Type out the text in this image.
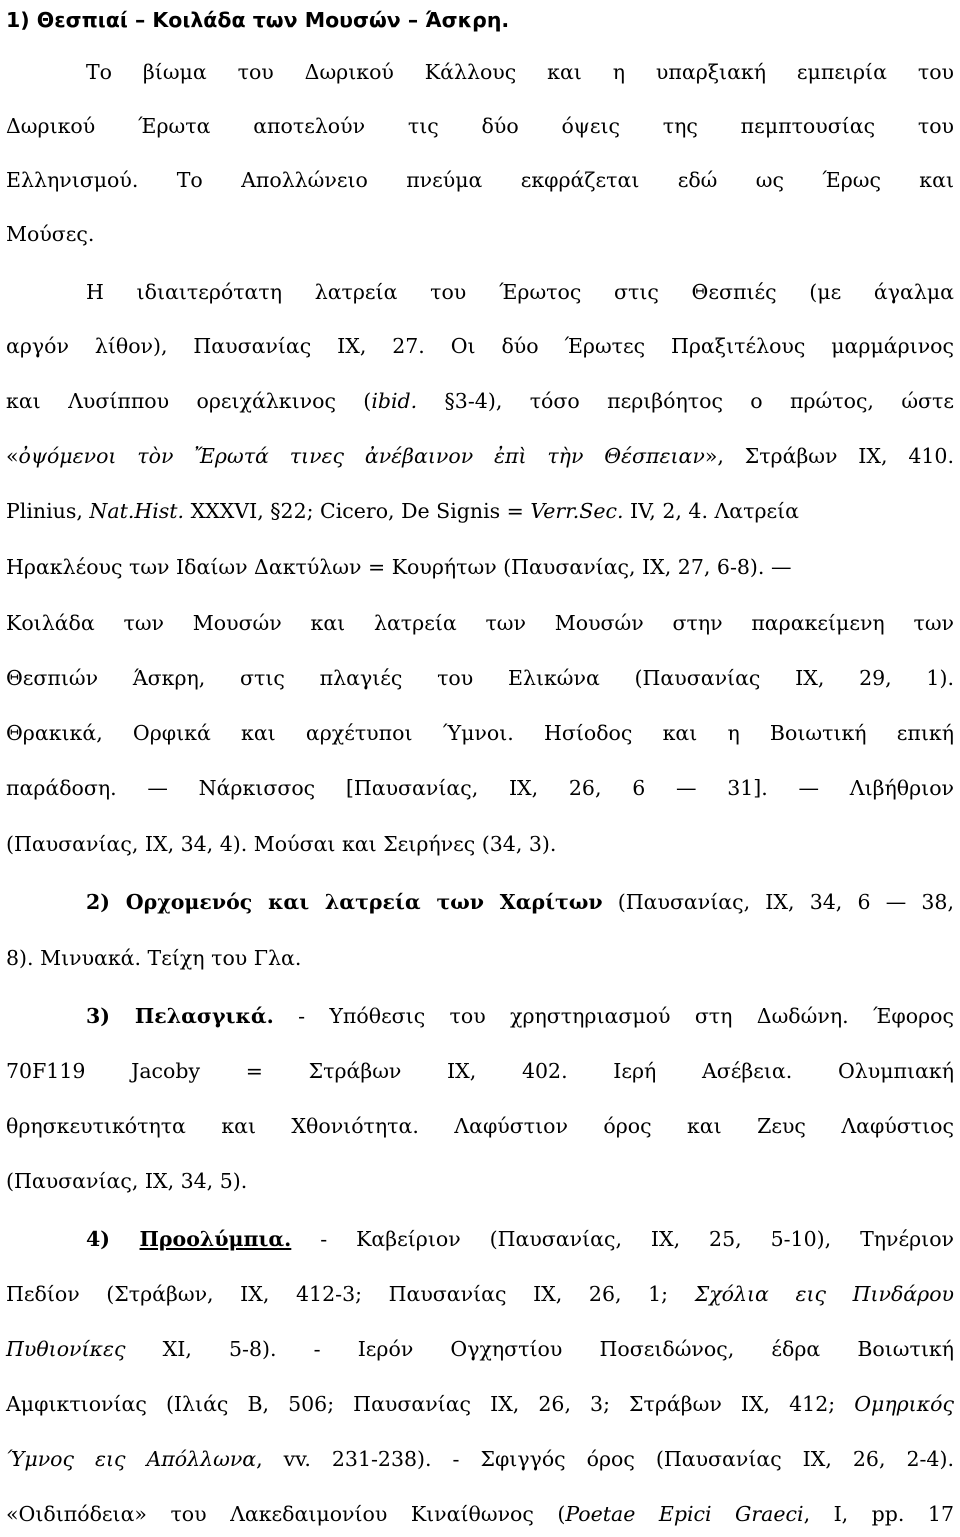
1) Θεσπιαί – Κοιλάδα των Μουσών – Άσκρη.
Το βίωμα του Δωρικού Κάλλους και η υπαρξιακή εμπειρία του
Δωρικού Έρωτα αποτελούν τις δύο όψεις της πεμπτουσίας του
Ελληνισμού. Το Απολλώνειο πνεύμα εκφράζεται εδώ ως Έρως και
Μούσες.
Η ιδιαιτερότατη λατρεία του Έρωτος στις Θεσπιές (με άγαλμα
αργόν λίθον), Παυσανίας IX, 27. Οι δύο Έρωτες Πραξιτέλους μαρμάρινος
και Λυσίππου ορειχάλκινος (ibid. §3-4), τόσο περιβόητος ο πρώτος, ώστε
«ὀψόμενοι τὸν Ἔρωτά τινες ἀνέβαινον ἐπὶ τὴν Θέσπειαν», Στράβων IX, 410.
Plinius, Nat.Hist. XXXVI, §22; Cicero, De Signis = Verr.Sec. IV, 2, 4. Λατρεία
Ηρακλέους των Ιδαίων Δακτύλων = Κουρήτων (Παυσανίας, IX, 27, 6-8). —
Κοιλάδα των Μουσών και λατρεία των Μουσών στην παρακείμενη των
Θεσπιών Άσκρη, στις πλαγιές του Ελικώνα (Παυσανίας IX, 29, 1).
Θρακικά, Ορφικά και αρχέτυποι Ύμνοι. Ησίοδος και η Βοιωτική επική
παράδοση. — Νάρκισσος [Παυσανίας, IX, 26, 6 — 31]. — Λιβήθριον
(Παυσανίας, IX, 34, 4). Μούσαι και Σειρήνες (34, 3).
2) Ορχομενός και λατρεία των Χαρίτων (Παυσανίας, IX, 34, 6 — 38,
8). Μινυακά. Τείχη του Γλα.
3) Πελασγικά. - Υπόθεσις του χρηστηριασμού στη Δωδώνη. Έφορος
70F119 Jacoby = Στράβων IX, 402. Ιερή Ασέβεια. Ολυμπιακή
θρησκευτικότητα και Χθονιότητα. Λαφύστιον όρος και Ζευς Λαφύστιος
(Παυσανίας, IX, 34, 5).
4) Προολύμπια. - Καβείριον (Παυσανίας, IX, 25, 5-10), Τηνέριον
Πεδίον (Στράβων, IX, 412-3; Παυσανίας IX, 26, 1; Σχόλια εις Πινδάρου
Πυθιονίκες XI, 5-8). - Ιερόν Ογχηστίου Ποσειδώνος, έδρα Βοιωτική
Αμφικτιονίας (Ιλιάς Β, 506; Παυσανίας IX, 26, 3; Στράβων IX, 412; Ομηρικός
Ύμνος εις Απόλλωνα, vv. 231-238). - Σφιγγός όρος (Παυσανίας IX, 26, 2-4).
«Οιδιπόδεια» του Λακεδαιμονίου Κιναίθωνος (Poetae Epici Graeci, I, pp. 17
